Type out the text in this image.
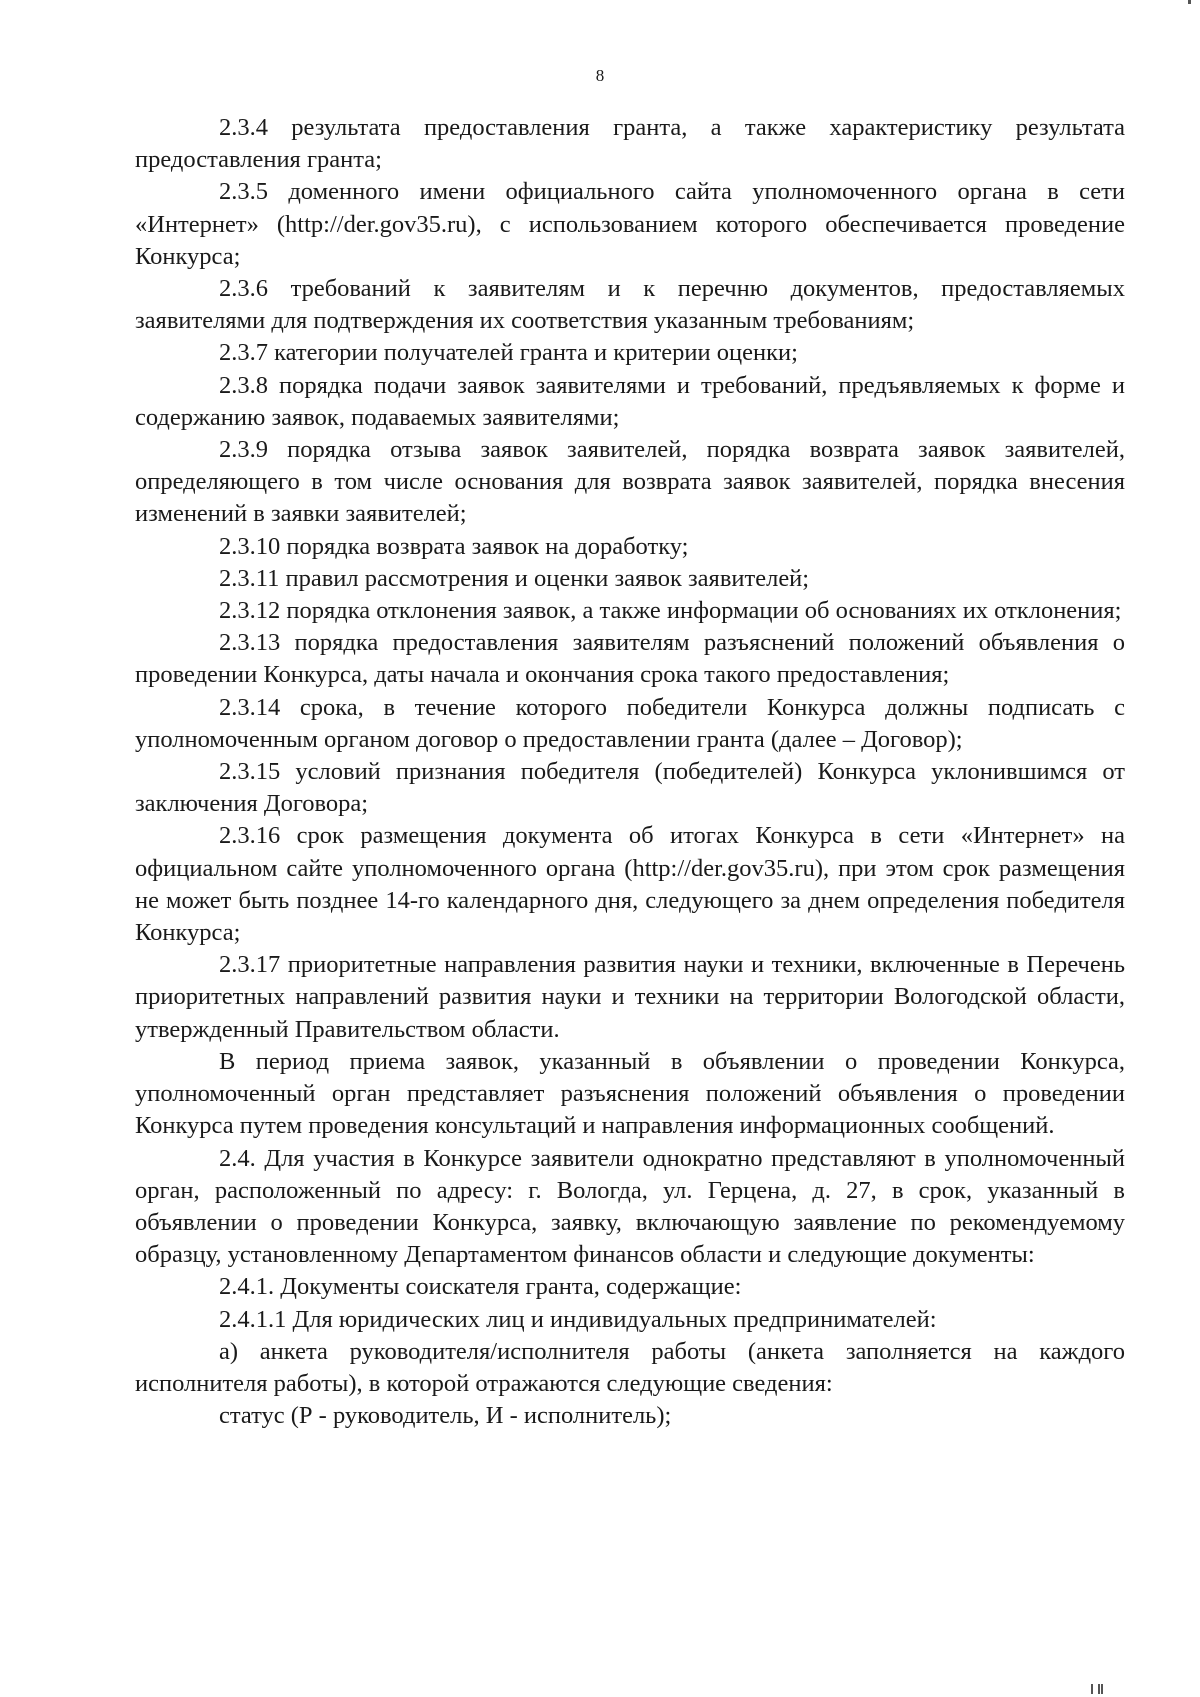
8

2.3.4 результата предоставления гранта, а также характеристику результата предоставления гранта;

2.3.5 доменного имени официального сайта уполномоченного органа в сети «Интернет» (http://der.gov35.ru), с использованием которого обеспечивается проведение Конкурса;

2.3.6 требований к заявителям и к перечню документов, предоставляемых заявителями для подтверждения их соответствия указанным требованиям;

2.3.7 категории получателей гранта и критерии оценки;

2.3.8 порядка подачи заявок заявителями и требований, предъявляемых к форме и содержанию заявок, подаваемых заявителями;

2.3.9 порядка отзыва заявок заявителей, порядка возврата заявок заявителей, определяющего в том числе основания для возврата заявок заявителей, порядка внесения изменений в заявки заявителей;

2.3.10 порядка возврата заявок на доработку;

2.3.11 правил рассмотрения и оценки заявок заявителей;

2.3.12 порядка отклонения заявок, а также информации об основаниях их отклонения;

2.3.13 порядка предоставления заявителям разъяснений положений объявления о проведении Конкурса, даты начала и окончания срока такого предоставления;

2.3.14 срока, в течение которого победители Конкурса должны подписать с уполномоченным органом договор о предоставлении гранта (далее – Договор);

2.3.15 условий признания победителя (победителей) Конкурса уклонившимся от заключения Договора;

2.3.16 срок размещения документа об итогах Конкурса в сети «Интернет» на официальном сайте уполномоченного органа (http://der.gov35.ru), при этом срок размещения не может быть позднее 14-го календарного дня, следующего за днем определения победителя Конкурса;

2.3.17 приоритетные направления развития науки и техники, включенные в Перечень приоритетных направлений развития науки и техники на территории Вологодской области, утвержденный Правительством области.

В период приема заявок, указанный в объявлении о проведении Конкурса, уполномоченный орган представляет разъяснения положений объявления о проведении Конкурса путем проведения консультаций и направления информационных сообщений.

2.4. Для участия в Конкурсе заявители однократно представляют в уполномоченный орган, расположенный по адресу: г. Вологда, ул. Герцена, д. 27, в срок, указанный в объявлении о проведении Конкурса, заявку, включающую заявление по рекомендуемому образцу, установленному Департаментом финансов области и следующие документы:

2.4.1. Документы соискателя гранта, содержащие:

2.4.1.1 Для юридических лиц и индивидуальных предпринимателей:

а) анкета руководителя/исполнителя работы (анкета заполняется на каждого исполнителя работы), в которой отражаются следующие сведения:

статус (Р - руководитель, И - исполнитель);
